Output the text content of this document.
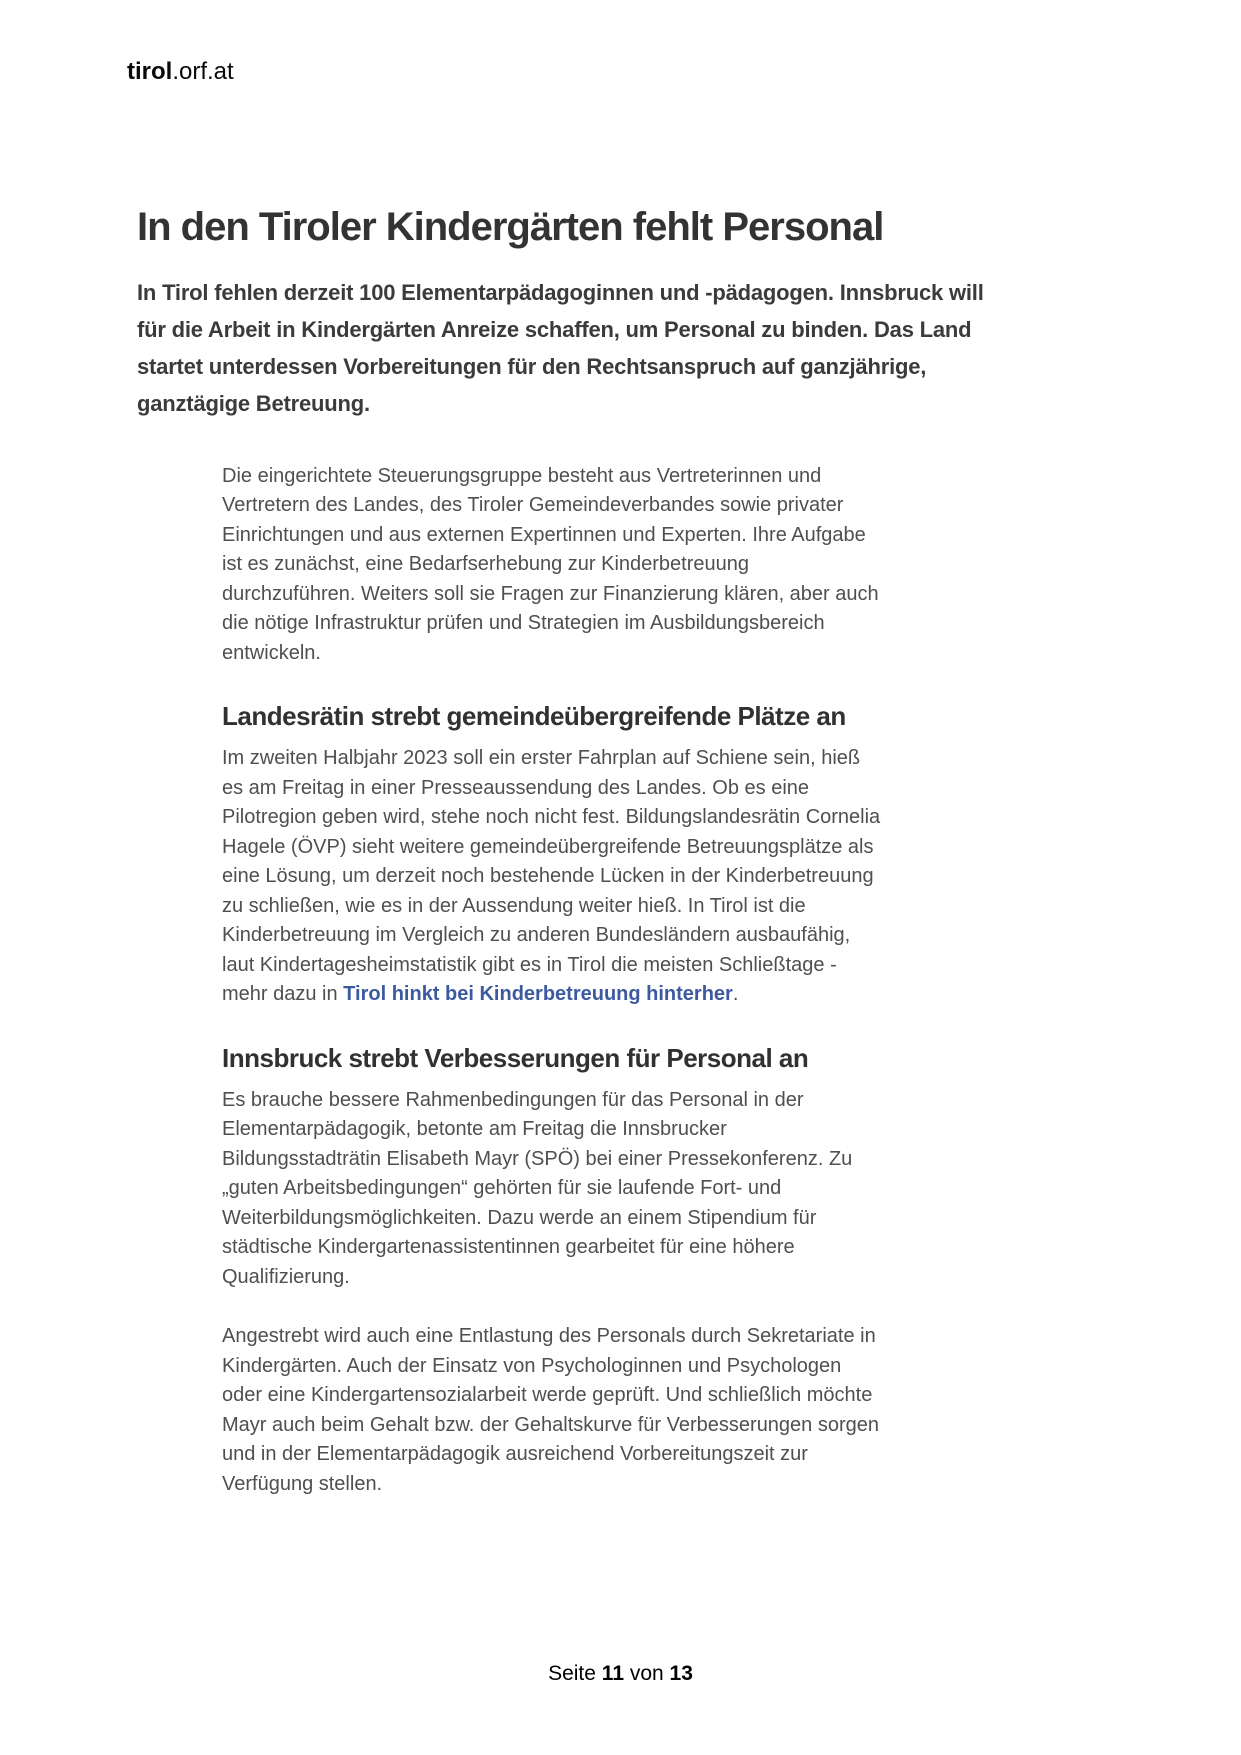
tirol.orf.at
In den Tiroler Kindergärten fehlt Personal

In Tirol fehlen derzeit 100 Elementarpädagoginnen und -pädagogen. Innsbruck will für die Arbeit in Kindergärten Anreize schaffen, um Personal zu binden. Das Land startet unterdessen Vorbereitungen für den Rechtsanspruch auf ganzjährige, ganztägige Betreuung.

Die eingerichtete Steuerungsgruppe besteht aus Vertreterinnen und Vertretern des Landes, des Tiroler Gemeindeverbandes sowie privater Einrichtungen und aus externen Expertinnen und Experten. Ihre Aufgabe ist es zunächst, eine Bedarfserhebung zur Kinderbetreuung durchzuführen. Weiters soll sie Fragen zur Finanzierung klären, aber auch die nötige Infrastruktur prüfen und Strategien im Ausbildungsbereich entwickeln.

Landesrätin strebt gemeindeübergreifende Plätze an

Im zweiten Halbjahr 2023 soll ein erster Fahrplan auf Schiene sein, hieß es am Freitag in einer Presseaussendung des Landes. Ob es eine Pilotregion geben wird, stehe noch nicht fest. Bildungslandesrätin Cornelia Hagele (ÖVP) sieht weitere gemeindeübergreifende Betreuungsplätze als eine Lösung, um derzeit noch bestehende Lücken in der Kinderbetreuung zu schließen, wie es in der Aussendung weiter hieß. In Tirol ist die Kinderbetreuung im Vergleich zu anderen Bundesländern ausbaufähig, laut Kindertagesheimstatistik gibt es in Tirol die meisten Schließtage - mehr dazu in Tirol hinkt bei Kinderbetreuung hinterher.

Innsbruck strebt Verbesserungen für Personal an

Es brauche bessere Rahmenbedingungen für das Personal in der Elementarpädagogik, betonte am Freitag die Innsbrucker Bildungsstadträtin Elisabeth Mayr (SPÖ) bei einer Pressekonferenz. Zu „guten Arbeitsbedingungen“ gehörten für sie laufende Fort- und Weiterbildungsmöglichkeiten. Dazu werde an einem Stipendium für städtische Kindergartenassistentinnen gearbeitet für eine höhere Qualifizierung.

Angestrebt wird auch eine Entlastung des Personals durch Sekretariate in Kindergärten. Auch der Einsatz von Psychologinnen und Psychologen oder eine Kindergartensozialarbeit werde geprüft. Und schließlich möchte Mayr auch beim Gehalt bzw. der Gehaltskurve für Verbesserungen sorgen und in der Elementarpädagogik ausreichend Vorbereitungszeit zur Verfügung stellen.

Seite 11 von 13
